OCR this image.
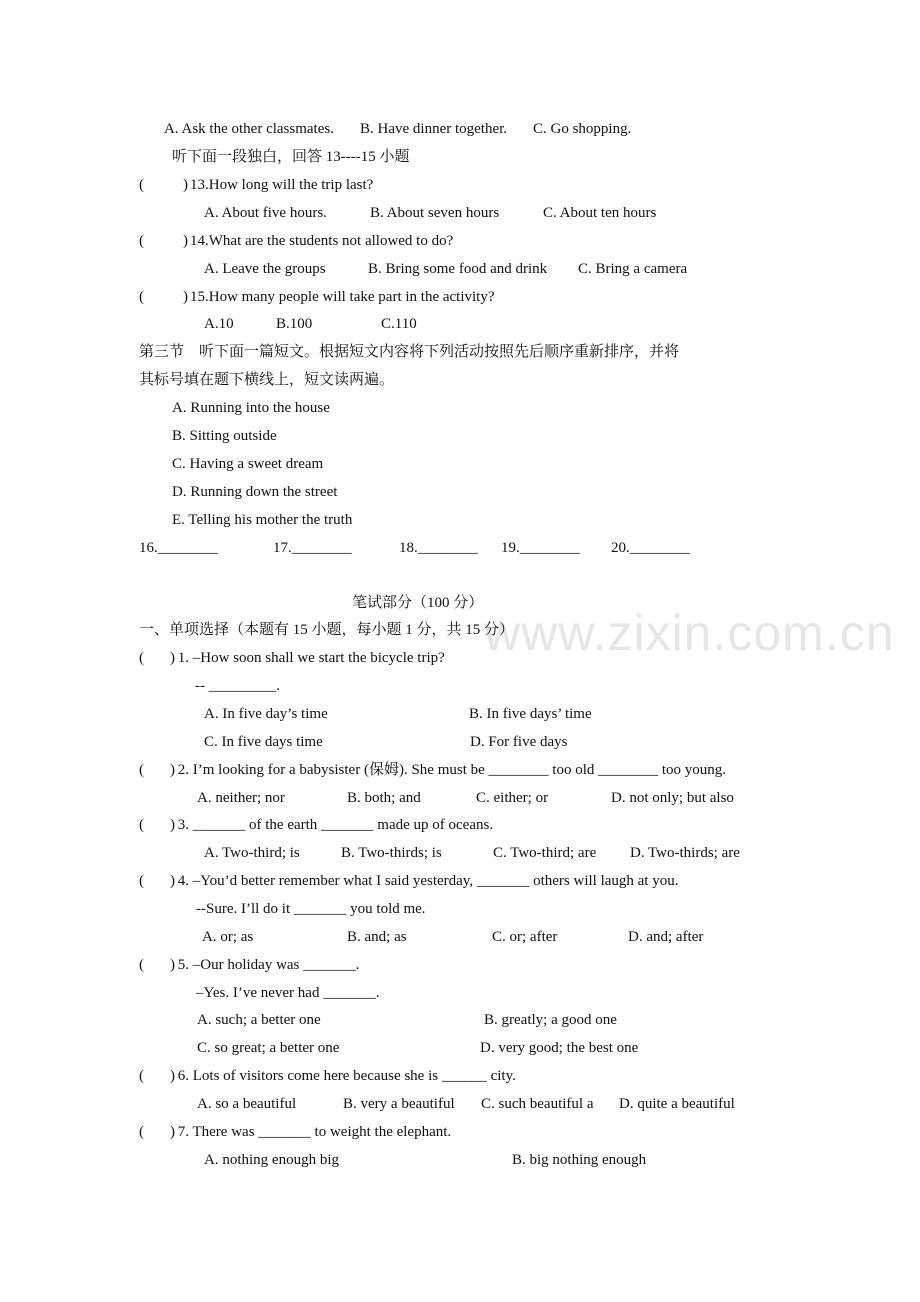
www.zixin.com.cn
A. Ask the other classmates. B. Have dinner together. C. Go shopping.
听下面一段独白，回答 13----15 小题
(	) 13.How long will the trip last?
A. About five hours.	B. About seven hours	C. About ten hours
(	) 14.What are the students not allowed to do?
A. Leave the groups	B. Bring some food and drink C. Bring a camera
(	) 15.How many people will take part in the activity?
A.10	B.100	C.110
第三节　听下面一篇短文。根据短文内容将下列活动按照先后顺序重新排序，并将
其标号填在题下横线上，短文读两遍。
A. Running into the house
B. Sitting outside
C. Having a sweet dream
D. Running down the street
E. Telling his mother the truth
16.________	17.________	18.________ 19.________ 20.________
笔试部分（100 分）
一、单项选择（本题有 15 小题，每小题 1 分，共 15 分）
( ) 1. –How soon shall we start the bicycle trip?
-- _________.
A. In five day’s time	B. In five days’ time
C. In five days time	D. For five days
( ) 2. I’m looking for a babysister (保姆). She must be ________ too old ________ too young.
A. neither; nor	B. both; and	C. either; or	D. not only; but also
( ) 3. _______ of the earth _______ made up of oceans.
A. Two-third; is	B. Two-thirds; is	C. Two-third; are D. Two-thirds; are
( ) 4. –You’d better remember what I said yesterday, _______ others will laugh at you.
--Sure. I’ll do it _______ you told me.
A. or; as	B. and; as	C. or; after	D. and; after
( ) 5. –Our holiday was _______.
–Yes. I’ve never had _______.
A. such; a better one	B. greatly; a good one
C. so great; a better one	D. very good; the best one
( ) 6. Lots of visitors come here because she is ______ city.
A. so a beautiful	B. very a beautiful C. such beautiful a D. quite a beautiful
( ) 7. There was _______ to weight the elephant.
A. nothing enough big	B. big nothing enough
